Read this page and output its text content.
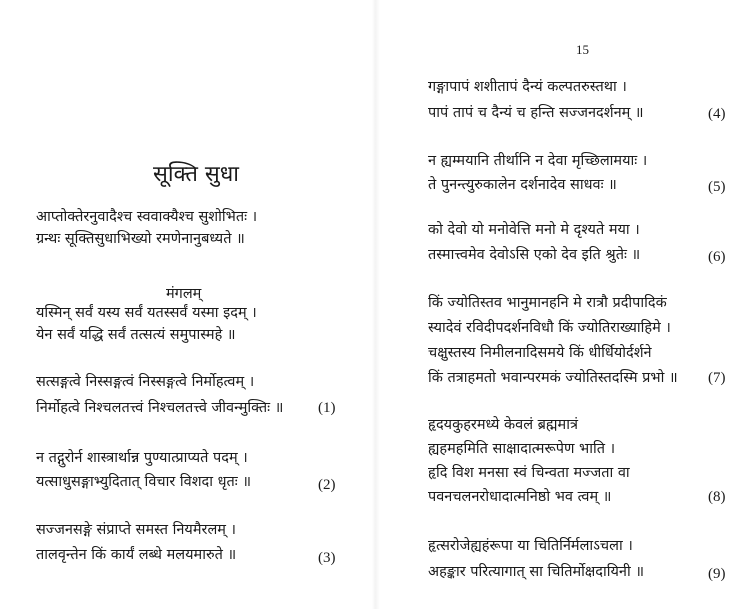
सूक्ति सुधा
आप्तोक्तेरनुवादैश्च स्ववाक्यैश्च सुशोभितः ।
ग्रन्थः सूक्तिसुधाभिख्यो रमणेनानुबध्यते ॥
मंगलम्
यस्मिन् सर्वं यस्य सर्वं यतस्सर्वं यस्मा इदम् ।
येन सर्वं यद्धि सर्वं तत्सत्यं समुपास्महे ॥
सत्सङ्गत्वे निस्सङ्गत्वं निस्सङ्गत्वे निर्मोहत्वम् ।
निर्मोहत्वे निश्चलतत्त्वं निश्चलतत्त्वे जीवन्मुक्तिः ॥ (1)
न तद्गुरोर्न शास्त्रार्थान्न पुण्यात्प्राप्यते पदम् ।
यत्साधुसङ्गाभ्युदितात् विचार विशदा धृतः ॥	(2)
सज्जनसङ्गे संप्राप्ते समस्त नियमैरलम् ।
तालवृन्तेन किं कार्यं लब्धे मलयमारुते ॥	(3)
15
गङ्गापापं शशीतापं दैन्यं कल्पतरुस्तथा ।
पापं तापं च दैन्यं च हन्ति सज्जनदर्शनम् ॥	(4)
न ह्यम्मयानि तीर्थानि न देवा मृच्छिलामयाः ।
ते पुनन्त्युरुकालेन दर्शनादेव साधवः ॥	(5)
को देवो यो मनोवेत्ति मनो मे दृश्यते मया ।
तस्मात्त्वमेव देवोऽसि एको देव इति श्रुतेः ॥	(6)
किं ज्योतिस्तव भानुमानहनि मे रात्रौ प्रदीपादिकं
स्यादेवं रविदीपदर्शनविधौ किं ज्योतिराख्याहिमे ।
चक्षुस्तस्य निमीलनादिसमये किं धीर्धियोर्दर्शने
किं तत्राहमतो भवान्परमकं ज्योतिस्तदस्मि प्रभो ॥ (7)
हृदयकुहरमध्ये केवलं ब्रह्ममात्रं
ह्यहमहमिति साक्षादात्मरूपेण भाति ।
हृदि विश मनसा स्वं चिन्वता मज्जता वा
पवनचलनरोधादात्मनिष्ठो भव त्वम् ॥	(8)
हृत्सरोजेह्यहंरूपा या चितिर्निर्मलाऽचला ।
अहङ्कार परित्यागात् सा चितिर्मोक्षदायिनी ॥	(9)
